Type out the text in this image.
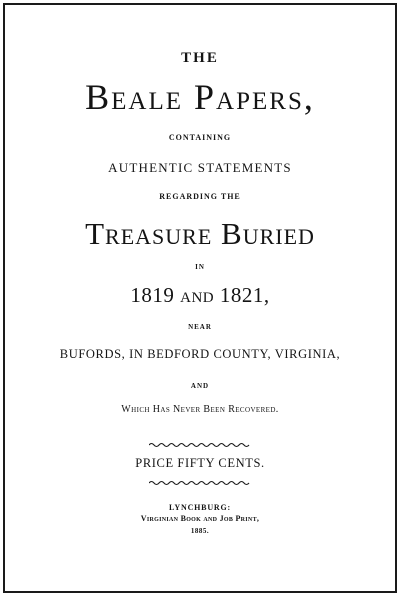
THE
Beale Papers,
CONTAINING
AUTHENTIC STATEMENTS
REGARDING THE
Treasure Buried
IN
1819 and 1821,
NEAR
BUFORDS, IN BEDFORD COUNTY, VIRGINIA,
AND
Which Has Never Been Recovered.
PRICE FIFTY CENTS.
LYNCHBURG:
Virginian Book and Job Print,
1885.
